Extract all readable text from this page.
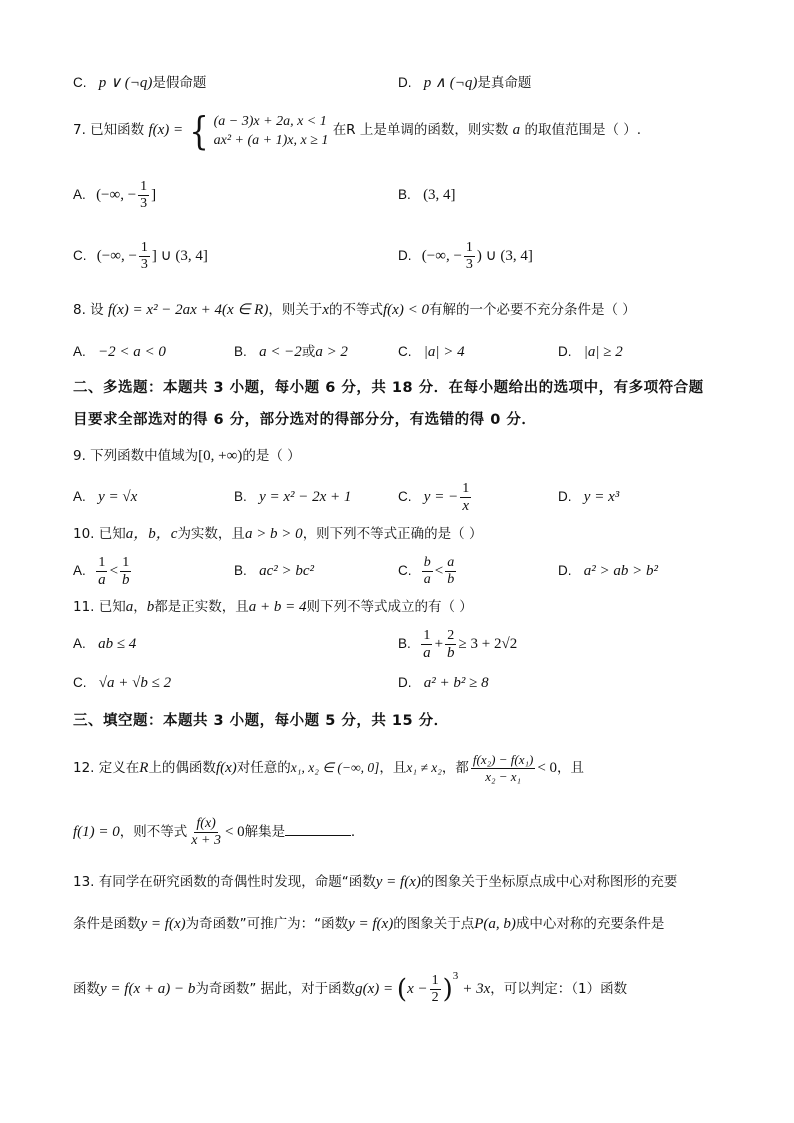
C. p ∨ (¬q)是假命题	D. p ∧ (¬q)是真命题
7. 已知函数 f(x) = { (a − 3)x + 2a, x < 1
ax² + (a + 1)x, x ≥ 1
在R 上是单调的函数，则实数 a 的取值范围是（ ）.
A. (−∞, − $\frac{1}{3}$ ]	B. (3, 4]
C. (−∞, − $\frac{1}{3}$ ] ∪ (3, 4]	D. (−∞, − $\frac{1}{3}$ ) ∪ (3, 4]
8. 设 f(x) = x² − 2ax + 4(x ∈ R)，则关于x的不等式f(x) < 0有解的一个必要不充分条件是（ ）
A. −2 < a < 0	B. a < −2或a > 2	C. |a| > 4	D. |a| ≥ 2
二、多选题：本题共 3 小题，每小题 6 分，共 18 分．在每小题给出的选项中，有多项符合题
目要求全部选对的得 6 分，部分选对的得部分分，有选错的得 0 分．
9. 下列函数中值域为[0, +∞)的是（ ）
A. y = √x	B. y = x² − 2x + 1	C. y = − $\frac{1}{x}$	D. y = x³
10. 已知a，b，c为实数，且a > b > 0，则下列不等式正确的是（ ）
A. $\frac{1}{a} < \frac{1}{b}$	B. ac² > bc²	C. $\frac{b}{a} < \frac{a}{b}$	D. a² > ab > b²
11. 已知a，b都是正实数，且a + b = 4则下列不等式成立的有（ ）
A. ab ≤ 4	B. $\frac{1}{a} + \frac{2}{b} \ge 3 + 2√2$
C. √a + √b ≤ 2	D. a² + b² ≥ 8
三、填空题：本题共 3 小题，每小题 5 分，共 15 分．
12. 定义在R上的偶函数f(x)对任意的x₁, x₂ ∈ (−∞, 0]，且x₁ ≠ x₂，都 $\frac{\text{f(x₂) − f(x₁)}}{\text{x₂ − x₁}} < 0$，且
f(1) = 0，则不等式 $\frac{f(x)}{x + 3} < 0$解集是	.
13. 有同学在研究函数的奇偶性时发现，命题“函数y = f(x)的图象关于坐标原点成中心对称图形的充要
条件是函数y = f(x)为奇函数”可推广为：“函数y = f(x)的图象关于点P(a, b)成中心对称的充要条件是
函数y = f(x + a) − b为奇函数” 据此，对于函数$g(x) = (x - \frac{1}{2} )^3+ 3x$，可以判定：（1）函数
